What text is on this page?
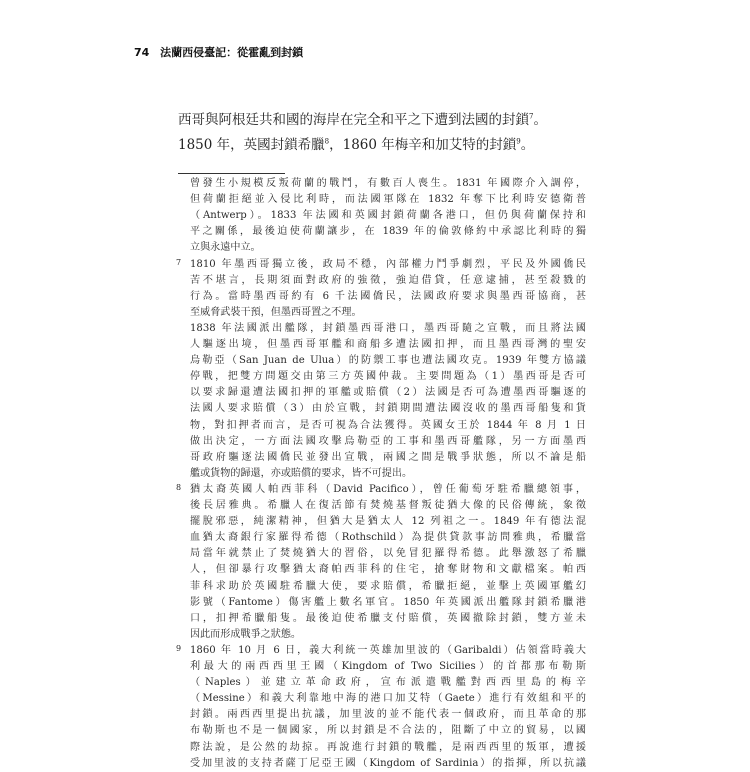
74 法蘭西侵臺記：從霍亂到封鎖
西哥與阿根廷共和國的海岸在完全和平之下遭到法國的封鎖$^7$。
1850 年，英國封鎖希臘$^8$，1860 年梅辛和加艾特的封鎖$^9$。
曾發生小規模反叛荷蘭的戰鬥，有數百人喪生。1831 年國際介入調停，
但荷蘭拒絕並入侵比利時，而法國軍隊在 1832 年奪下比利時安德衛普
（Antwerp）。1833 年法國和英國封鎖荷蘭各港口，但仍與荷蘭保持和
平之關係，最後迫使荷蘭讓步，在 1839 年的倫敦條約中承認比利時的獨
立與永遠中立。
7 1810 年墨西哥獨立後，政局不穩，內部權力鬥爭劇烈，平民及外國僑民
苦不堪言，長期須面對政府的強徵，強迫借貸，任意逮捕，甚至殺戮的
行為。當時墨西哥約有 6 千法國僑民，法國政府要求與墨西哥協商，甚
至威脅武裝干預，但墨西哥置之不理。
1838 年法國派出艦隊，封鎖墨西哥港口，墨西哥隨之宣戰，而且將法國
人驅逐出境，但墨西哥軍艦和商船多遭法國扣押，而且墨西哥灣的聖安
烏勒亞（San Juan de Ulua）的防禦工事也遭法國攻克。1939 年雙方協議
停戰，把雙方問題交由第三方英國仲裁。主要問題為（1）墨西哥是否可
以要求歸還遭法國扣押的軍艦或賠償（2）法國是否可為遭墨西哥驅逐的
法國人要求賠償（3）由於宣戰，封鎖期間遭法國沒收的墨西哥船隻和貨
物，對扣押者而言，是否可視為合法獲得。英國女王於 1844 年 8 月 1 日
做出決定，一方面法國攻擊烏勒亞的工事和墨西哥艦隊，另一方面墨西
哥政府驅逐法國僑民並發出宣戰，兩國之間是戰爭狀態，所以不論是船
艦或貨物的歸還，亦或賠償的要求，皆不可提出。
8 猶太裔英國人帕西菲科（David Pacifico），曾任葡萄牙駐希臘總領事，
後長居雅典。希臘人在復活節有焚燒基督叛徒猶大像的民俗傳統，象徵
擺脫邪惡，純潔精神，但猶大是猶太人 12 列祖之一。1849 年有德法混
血猶太裔銀行家羅得希德（Rothschild）為提供貸款事訪問雅典，希臘當
局當年就禁止了焚燒猶大的習俗，以免冒犯羅得希德。此舉激怒了希臘
人，但卻暴行攻擊猶太裔帕西菲科的住宅，搶奪財物和文獻檔案。帕西
菲科求助於英國駐希臘大使，要求賠償，希臘拒絕，並擊上英國軍艦幻
影號（Fantome）傷害艦上數名軍官。1850 年英國派出艦隊封鎖希臘港
口，扣押希臘船隻。最後迫使希臘支付賠償，英國撤除封鎖，雙方並未
因此而形成戰爭之狀態。
9 1860 年 10 月 6 日，義大利統一英雄加里波的（Garibaldi）佔領當時義大
利最大的兩西西里王國（Kingdom of Two Sicilies）的首都那布勒斯
（Naples）並建立革命政府，宣布派遣戰艦對西西里島的梅辛
（Messine）和義大利靠地中海的港口加艾特（Gaete）進行有效組和平的
封鎖。兩西西里提出抗議，加里波的並不能代表一個政府，而且革命的那
布勒斯也不是一個國家，所以封鎖是不合法的，阻斷了中立的貿易，以國
際法說，是公然的劫掠。再說進行封鎖的戰艦，是兩西西里的叛軍，遭援
受加里波的支持者薩丁尼亞王國（Kingdom of Sardinia）的指揮，所以抗議
